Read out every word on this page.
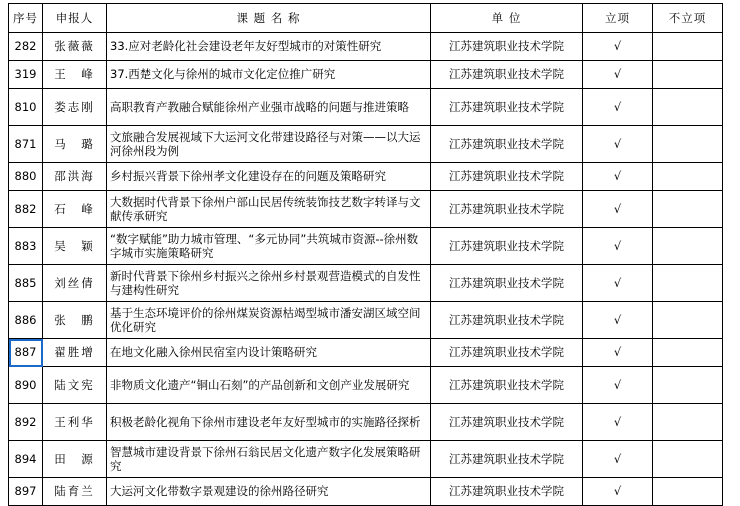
序号	申报人	课 题 名 称	单 位	立项	不立项
282	张薇薇	33.应对老龄化社会建设老年友好型城市的对策性研究	江苏建筑职业技术学院	√	
319	王　峰	37.西楚文化与徐州的城市文化定位推广研究	江苏建筑职业技术学院	√	
810	娄志刚	高职教育产教融合赋能徐州产业强市战略的问题与推进策略	江苏建筑职业技术学院	√	
871	马　璐	文旅融合发展视域下大运河文化带建设路径与对策——以大运河徐州段为例	江苏建筑职业技术学院	√	
880	邵洪海	乡村振兴背景下徐州孝文化建设存在的问题及策略研究	江苏建筑职业技术学院	√	
882	石　峰	大数据时代背景下徐州户部山民居传统装饰技艺数字转译与文献传承研究	江苏建筑职业技术学院	√	
883	吴　颖	“数字赋能”助力城市管理、“多元协同”共筑城市资源--徐州数字城市实施策略研究	江苏建筑职业技术学院	√	
885	刘丝倩	新时代背景下徐州乡村振兴之徐州乡村景观营造模式的自发性与建构性研究	江苏建筑职业技术学院	√	
886	张　鹏	基于生态环境评价的徐州煤炭资源枯竭型城市潘安湖区域空间优化研究	江苏建筑职业技术学院	√	
887	翟胜增	在地文化融入徐州民宿室内设计策略研究	江苏建筑职业技术学院	√	
890	陆文宪	非物质文化遗产“铜山石刻”的产品创新和文创产业发展研究	江苏建筑职业技术学院	√	
892	王利华	积极老龄化视角下徐州市建设老年友好型城市的实施路径探析	江苏建筑职业技术学院	√	
894	田　源	智慧城市建设背景下徐州石翁民居文化遗产数字化发展策略研究	江苏建筑职业技术学院	√	
897	陆育兰	大运河文化带数字景观建设的徐州路径研究	江苏建筑职业技术学院	√	
